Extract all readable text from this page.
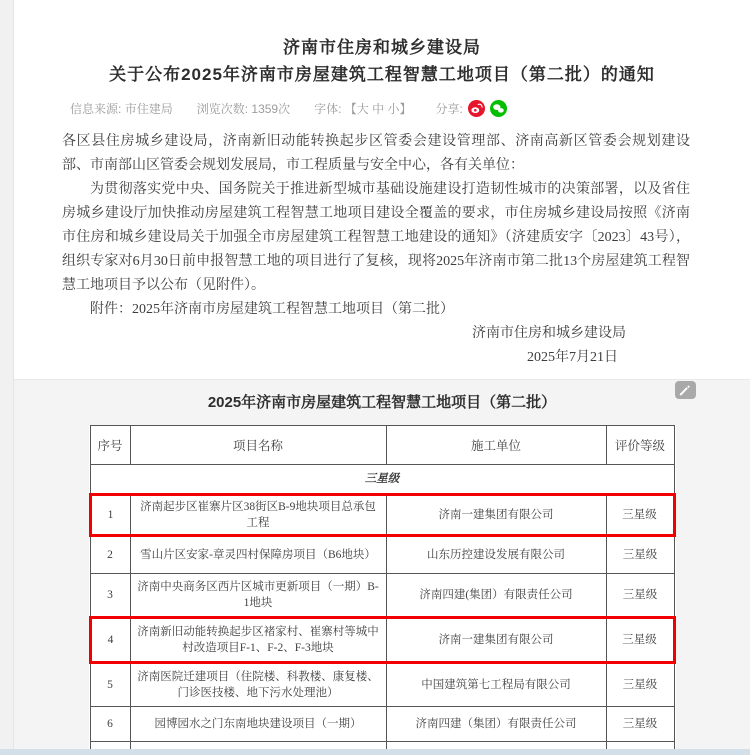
济南市住房和城乡建设局
关于公布2025年济南市房屋建筑工程智慧工地项目（第二批）的通知
信息来源: 市住建局 浏览次数: 1359次 字体: 【大 中 小】 分享:

各区县住房城乡建设局，济南新旧动能转换起步区管委会建设管理部、济南高新区管委会规划建设部、市南部山区管委会规划发展局，市工程质量与安全中心，各有关单位：

为贯彻落实党中央、国务院关于推进新型城市基础设施建设打造韧性城市的决策部署，以及省住房城乡建设厅加快推动房屋建筑工程智慧工地项目建设全覆盖的要求，市住房城乡建设局按照《济南市住房和城乡建设局关于加强全市房屋建筑工程智慧工地建设的通知》（济建质安字〔2023〕43号），组织专家对6月30日前申报智慧工地的项目进行了复核，现将2025年济南市第二批13个房屋建筑工程智慧工地项目予以公布（见附件）。

附件：2025年济南市房屋建筑工程智慧工地项目（第二批）

济南市住房和城乡建设局

2025年7月21日

2025年济南市房屋建筑工程智慧工地项目（第二批）
序号	项目名称	施工单位	评价等级
三星级			
1	济南起步区崔寨片区38街区B-9地块项目总承包工程	济南一建集团有限公司	三星级
2	雪山片区安家-章灵四村保障房项目（B6地块）	山东历控建设发展有限公司	三星级
3	济南中央商务区西片区城市更新项目（一期）B-1地块	济南四建(集团）有限责任公司	三星级
4	济南新旧动能转换起步区褚家村、崔寨村等城中村改造项目F-1、F-2、F-3地块	济南一建集团有限公司	三星级
5	济南医院迁建项目（住院楼、科教楼、康复楼、门诊医技楼、地下污水处理池）	中国建筑第七工程局有限公司	三星级
6	园博园水之门东南地块建设项目（一期）	济南四建（集团）有限责任公司	三星级
